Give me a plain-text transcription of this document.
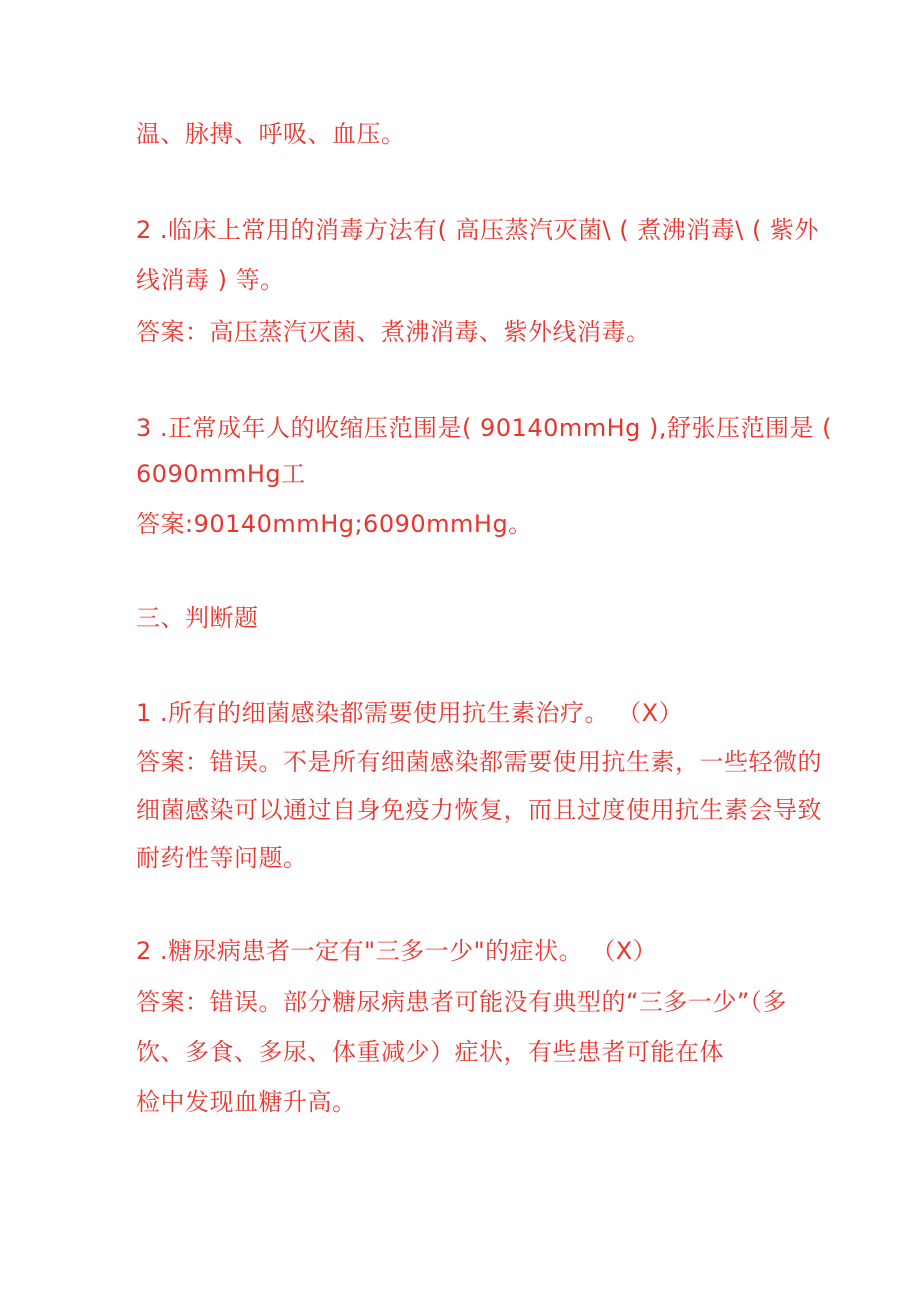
温、脉搏、呼吸、血压。
2 .临床上常用的消毒方法有( 高压蒸汽灭菌\ ( 煮沸消毒\ ( 紫外
线消毒 ) 等。
答案：高压蒸汽灭菌、煮沸消毒、紫外线消毒。
3 .正常成年人的收缩压范围是( 90140mmHg ),舒张压范围是 (
6090mmHg工
答案:90140mmHg;6090mmHg。
三、判断题
1 .所有的细菌感染都需要使用抗生素治疗。 （X）
答案：错误。不是所有细菌感染都需要使用抗生素，一些轻微的
细菌感染可以通过自身免疫力恢复，而且过度使用抗生素会导致
耐药性等问题。
2 .糖尿病患者一定有"三多一少"的症状。 （X）
答案：错误。部分糖尿病患者可能没有典型的“三多一少”（多
饮、多食、多尿、体重减少）症状，有些患者可能在体
检中发现血糖升高。
